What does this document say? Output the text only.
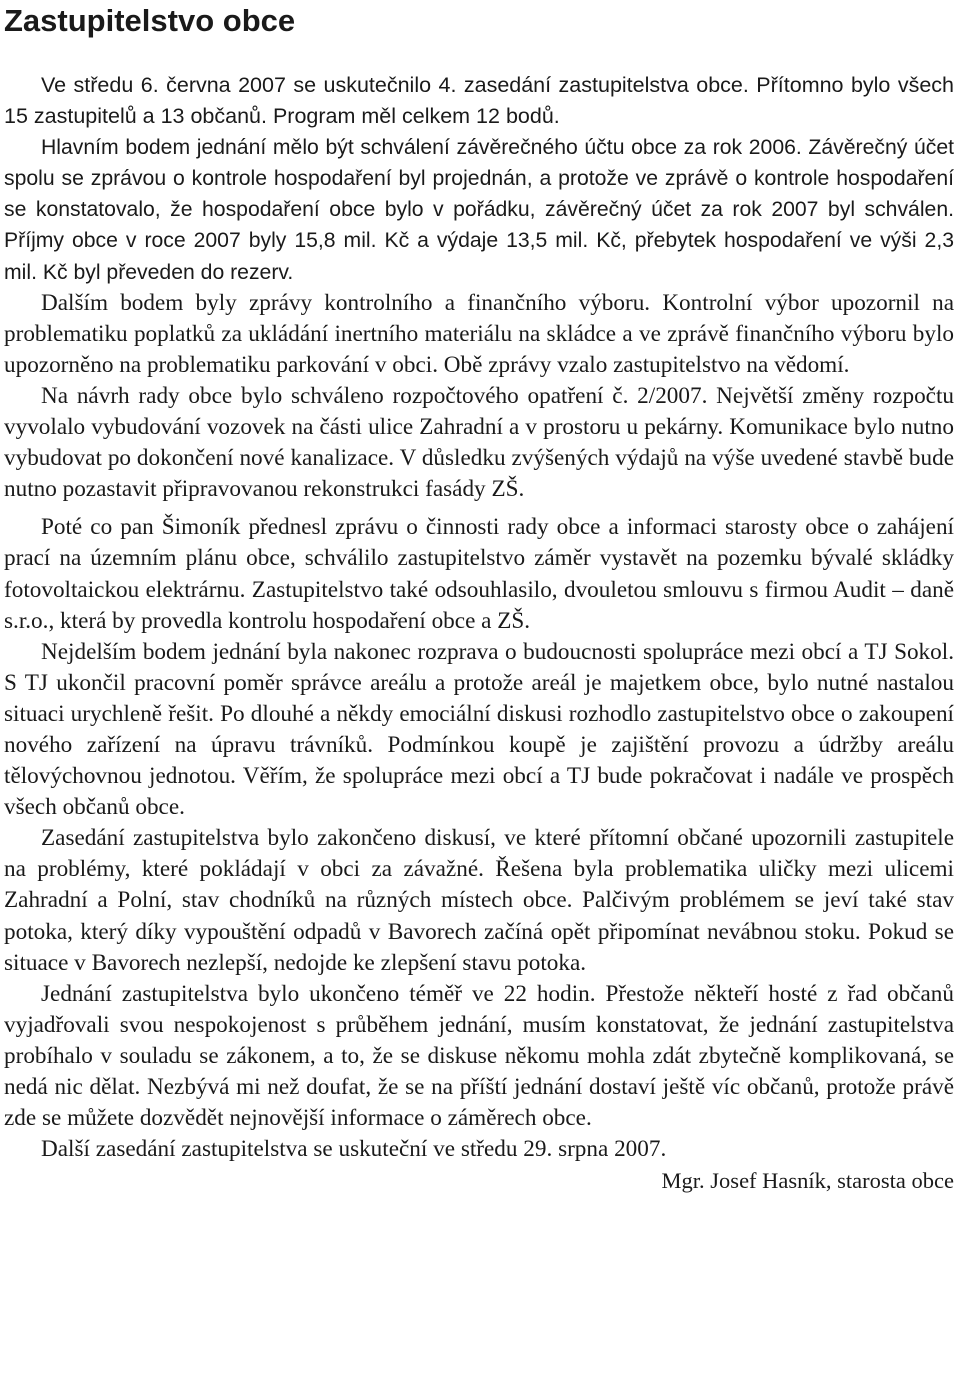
Zastupitelstvo obce

Ve středu 6. června 2007 se uskutečnilo 4. zasedání zastupitelstva obce. Přítomno bylo všech 15 zastupitelů a 13 občanů. Program měl celkem 12 bodů.

Hlavním bodem jednání mělo být schválení závěrečného účtu obce za rok 2006. Závěrečný účet spolu se zprávou o kontrole hospodaření byl projednán, a protože ve zprávě o kontrole hospodaření se konstatovalo, že hospodaření obce bylo v pořádku, závěrečný účet za rok 2007 byl schválen. Příjmy obce v roce 2007 byly 15,8 mil. Kč a výdaje 13,5 mil. Kč, přebytek hospodaření ve výši 2,3 mil. Kč byl převeden do rezerv.

Dalším bodem byly zprávy kontrolního a finančního výboru. Kontrolní výbor upozornil na problematiku poplatků za ukládání inertního materiálu na skládce a ve zprávě finančního výboru bylo upozorněno na problematiku parkování v obci. Obě zprávy vzalo zastupitelstvo na vědomí.

Na návrh rady obce bylo schváleno rozpočtového opatření č. 2/2007. Největší změny rozpočtu vyvolalo vybudování vozovek na části ulice Zahradní a v prostoru u pekárny. Komunikace bylo nutno vybudovat po dokončení nové kanalizace. V důsledku zvýšených výdajů na výše uvedené stavbě bude nutno pozastavit připravovanou rekonstrukci fasády ZŠ.

Poté co pan Šimoník přednesl zprávu o činnosti rady obce a informaci starosty obce o zahájení prací na územním plánu obce, schválilo zastupitelstvo záměr vystavět na pozemku bývalé skládky fotovoltaickou elektrárnu. Zastupitelstvo také odsouhlasilo, dvouletou smlouvu s firmou Audit – daně s.r.o., která by provedla kontrolu hospodaření obce a ZŠ.

Nejdelším bodem jednání byla nakonec rozprava o budoucnosti spolupráce mezi obcí a TJ Sokol. S TJ ukončil pracovní poměr správce areálu a protože areál je majetkem obce, bylo nutné nastalou situaci urychleně řešit. Po dlouhé a někdy emociální diskusi rozhodlo zastupitelstvo obce o zakoupení nového zařízení na úpravu trávníků. Podmínkou koupě je zajištění provozu a údržby areálu tělovýchovnou jednotou. Věřím, že spolupráce mezi obcí a TJ bude pokračovat i nadále ve prospěch všech občanů obce.

Zasedání zastupitelstva bylo zakončeno diskusí, ve které přítomní občané upozornili zastupitele na problémy, které pokládají v obci za závažné. Řešena byla problematika uličky mezi ulicemi Zahradní a Polní, stav chodníků na různých místech obce. Palčivým problémem se jeví také stav potoka, který díky vypouštění odpadů v Bavorech začíná opět připomínat nevábnou stoku. Pokud se situace v Bavorech nezlepší, nedojde ke zlepšení stavu potoka.

Jednání zastupitelstva bylo ukončeno téměř ve 22 hodin. Přestože někteří hosté z řad občanů vyjadřovali svou nespokojenost s průběhem jednání, musím konstatovat, že jednání zastupitelstva probíhalo v souladu se zákonem, a to, že se diskuse někomu mohla zdát zbytečně komplikovaná, se nedá nic dělat. Nezbývá mi než doufat, že se na příští jednání dostaví ještě víc občanů, protože právě zde se můžete dozvědět nejnovější informace o záměrech obce.

Další zasedání zastupitelstva se uskuteční ve středu 29. srpna 2007.

Mgr. Josef Hasník, starosta obce
